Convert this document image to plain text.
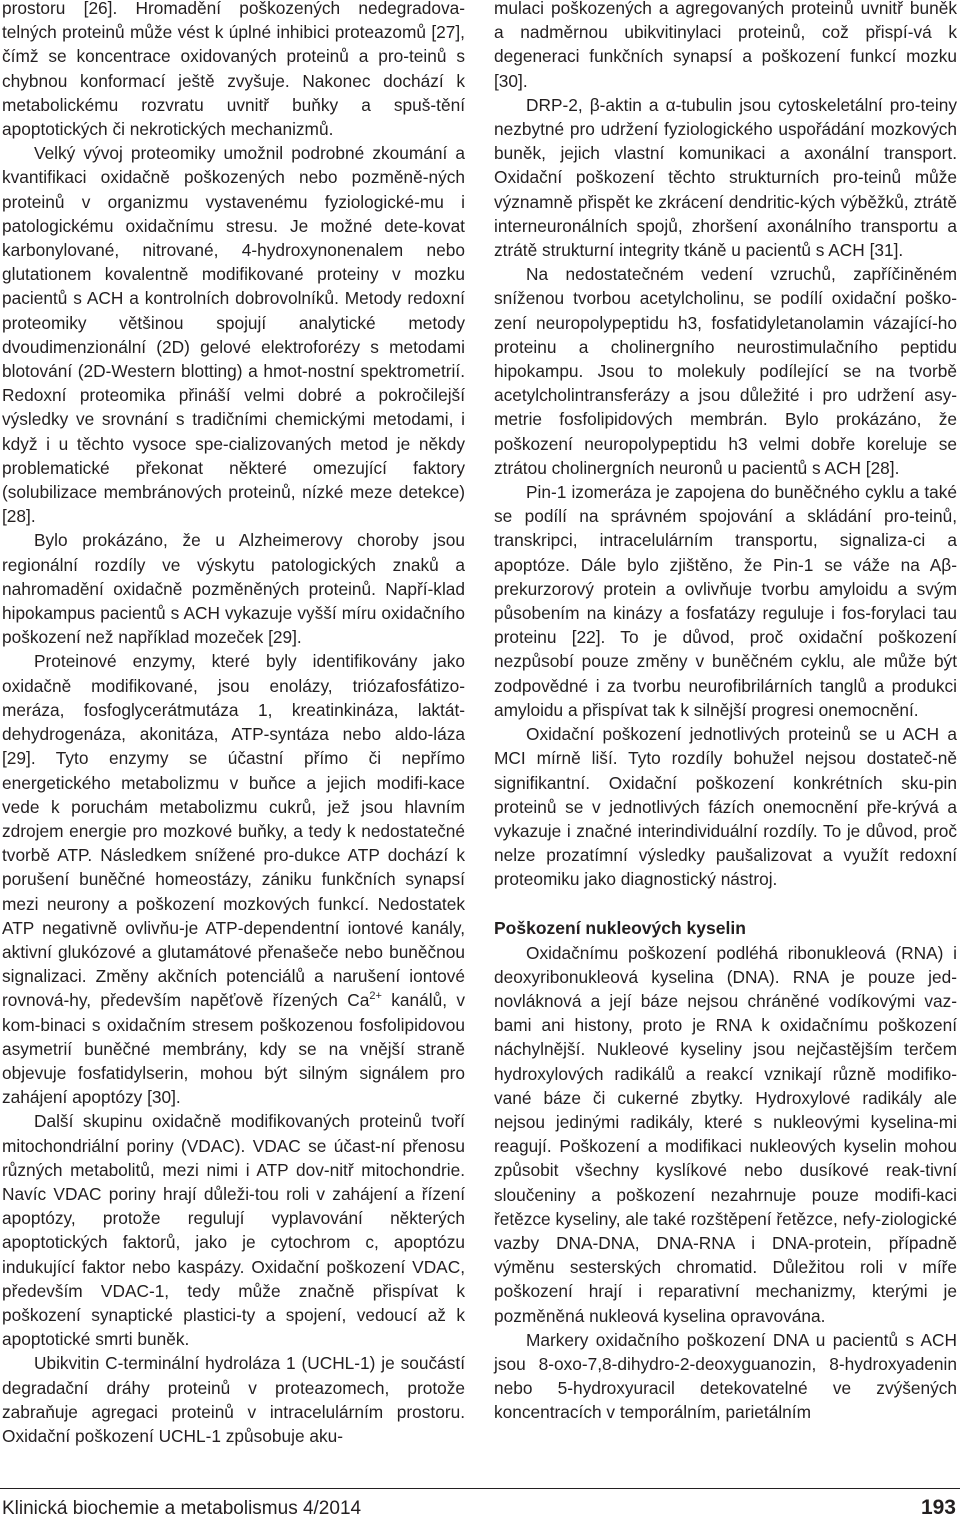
prostoru [26]. Hromadění poškozených nedegradova-telných proteinů může vést k úplné inhibici proteazomů [27], čímž se koncentrace oxidovaných proteinů a pro-teinů s chybnou konformací ještě zvyšuje. Nakonec dochází k metabolickému rozvratu uvnitř buňky a spuš-tění apoptotických či nekrotických mechanizmů.

Velký vývoj proteomiky umožnil podrobné zkoumání a kvantifikaci oxidačně poškozených nebo pozměně-ných proteinů v organizmu vystavenému fyziologické-mu i patologickému oxidačnímu stresu. Je možné dete-kovat karbonylované, nitrované, 4-hydroxynonenalem nebo glutationem kovalentně modifikované proteiny v mozku pacientů s ACH a kontrolních dobrovolníků. Metody redoxní proteomiky většinou spojují analytické metody dvoudimenzionální (2D) gelové elektroforézy s metodami blotování (2D-Western blotting) a hmot-nostní spektrometrií. Redoxní proteomika přináší velmi dobré a pokročilejší výsledky ve srovnání s tradičními chemickými metodami, i když i u těchto vysoce spe-cializovaných metod je někdy problematické překonat některé omezující faktory (solubilizace membránových proteinů, nízké meze detekce) [28].

Bylo prokázáno, že u Alzheimerovy choroby jsou regionální rozdíly ve výskytu patologických znaků a nahromadění oxidačně pozměněných proteinů. Napří-klad hipokampus pacientů s ACH vykazuje vyšší míru oxidačního poškození než například mozeček [29].

Proteinové enzymy, které byly identifikovány jako oxidačně modifikované, jsou enolázy, triózafosfátizo-meráza, fosfoglycerátmutáza 1, kreatinkináza, laktát-dehydrogenáza, akonitáza, ATP-syntáza nebo aldo-láza [29]. Tyto enzymy se účastní přímo či nepřímo energetického metabolizmu v buňce a jejich modifi-kace vede k poruchám metabolizmu cukrů, jež jsou hlavním zdrojem energie pro mozkové buňky, a tedy k nedostatečné tvorbě ATP. Následkem snížené pro-dukce ATP dochází k porušení buněčné homeostázy, zániku funkčních synapsí mezi neurony a poškození mozkových funkcí. Nedostatek ATP negativně ovlivňu-je ATP-dependentní iontové kanály, aktivní glukózové a glutamátové přenašeče nebo buněčnou signalizaci. Změny akčních potenciálů a narušení iontové rovnová-hy, především napěťově řízených $Ca^{2+}$ kanálů, v kom-binaci s oxidačním stresem poškozenou fosfolipidovou asymetrií buněčné membrány, kdy se na vnější straně objevuje fosfatidylserin, mohou být silným signálem pro zahájení apoptózy [30].

Další skupinu oxidačně modifikovaných proteinů tvoří mitochondriální poriny (VDAC). VDAC se účast-ní přenosu různých metabolitů, mezi nimi i ATP dov-nitř mitochondrie. Navíc VDAC poriny hrají důleži-tou roli v zahájení a řízení apoptózy, protože regulují vyplavování některých apoptotických faktorů, jako je cytochrom c, apoptózu indukující faktor nebo kaspázy. Oxidační poškození VDAC, především VDAC-1, tedy může značně přispívat k poškození synaptické plastici-ty a spojení, vedoucí až k apoptotické smrti buněk.

Ubikvitin C-terminální hydroláza 1 (UCHL-1) je součástí degradační dráhy proteinů v proteazomech, protože zabraňuje agregaci proteinů v intracelulárním prostoru. Oxidační poškození UCHL-1 způsobuje aku-

mulaci poškozených a agregovaných proteinů uvnitř buněk a nadměrnou ubikvitinylaci proteinů, což přispí-vá k degeneraci funkčních synapsí a poškození funkcí mozku [30].

DRP-2, β-aktin a α-tubulin jsou cytoskeletální pro-teiny nezbytné pro udržení fyziologického uspořádání mozkových buněk, jejich vlastní komunikaci a axonální transport. Oxidační poškození těchto strukturních pro-teinů může významně přispět ke zkrácení dendritic-kých výběžků, ztrátě interneuronálních spojů, zhoršení axonálního transportu a ztrátě strukturní integrity tkáně u pacientů s ACH [31].

Na nedostatečném vedení vzruchů, zapříčiněném sníženou tvorbou acetylcholinu, se podílí oxidační poško-zení neuropolypeptidu h3, fosfatidyletanolamin vázající-ho proteinu a cholinergního neurostimulačního peptidu hipokampu. Jsou to molekuly podílející se na tvorbě acetylcholintransferázy a jsou důležité i pro udržení asy-metrie fosfolipidových membrán. Bylo prokázáno, že poškození neuropolypeptidu h3 velmi dobře koreluje se ztrátou cholinergních neuronů u pacientů s ACH [28].

Pin-1 izomeráza je zapojena do buněčného cyklu a také se podílí na správném spojování a skládání pro-teinů, transkripci, intracelulárním transportu, signaliza-ci a apoptóze. Dále bylo zjištěno, že Pin-1 se váže na Aβ-prekurzorový protein a ovlivňuje tvorbu amyloidu a svým působením na kinázy a fosfatázy reguluje i fos-forylaci tau proteinu [22]. To je důvod, proč oxidační poškození nezpůsobí pouze změny v buněčném cyklu, ale může být zodpovědné i za tvorbu neurofibrilárních tanglů a produkci amyloidu a přispívat tak k silnější progresi onemocnění.

Oxidační poškození jednotlivých proteinů se u ACH a MCI mírně liší. Tyto rozdíly bohužel nejsou dostateč-ně signifikantní. Oxidační poškození konkrétních sku-pin proteinů se v jednotlivých fázích onemocnění pře-krývá a vykazuje i značné interindividuální rozdíly. To je důvod, proč nelze prozatímní výsledky paušalizovat a využít redoxní proteomiku jako diagnostický nástroj.

Poškození nukleových kyselin

Oxidačnímu poškození podléhá ribonukleová (RNA) i deoxyribonukleová kyselina (DNA). RNA je pouze jed-novláknová a její báze nejsou chráněné vodíkovými vaz-bami ani histony, proto je RNA k oxidačnímu poškození náchylnější. Nukleové kyseliny jsou nejčastějším terčem hydroxylových radikálů a reakcí vznikají různě modifiko-vané báze či cukerné zbytky. Hydroxylové radikály ale nejsou jedinými radikály, které s nukleovými kyselina-mi reagují. Poškození a modifikaci nukleových kyselin mohou způsobit všechny kyslíkové nebo dusíkové reak-tivní sloučeniny a poškození nezahrnuje pouze modifi-kaci řetězce kyseliny, ale také rozštěpení řetězce, nefy-ziologické vazby DNA-DNA, DNA-RNA i DNA-protein, případně výměnu sesterských chromatid. Důležitou roli v míře poškození hrají i reparativní mechanizmy, kterými je pozměněná nukleová kyselina opravována.

Markery oxidačního poškození DNA u pacientů s ACH jsou 8-oxo-7,8-dihydro-2-deoxyguanozin, 8-hydroxyadenin nebo 5-hydroxyuracil detekovatelné ve zvýšených koncentracích v temporálním, parietálním

Klinická biochemie a metabolismus 4/2014	193
